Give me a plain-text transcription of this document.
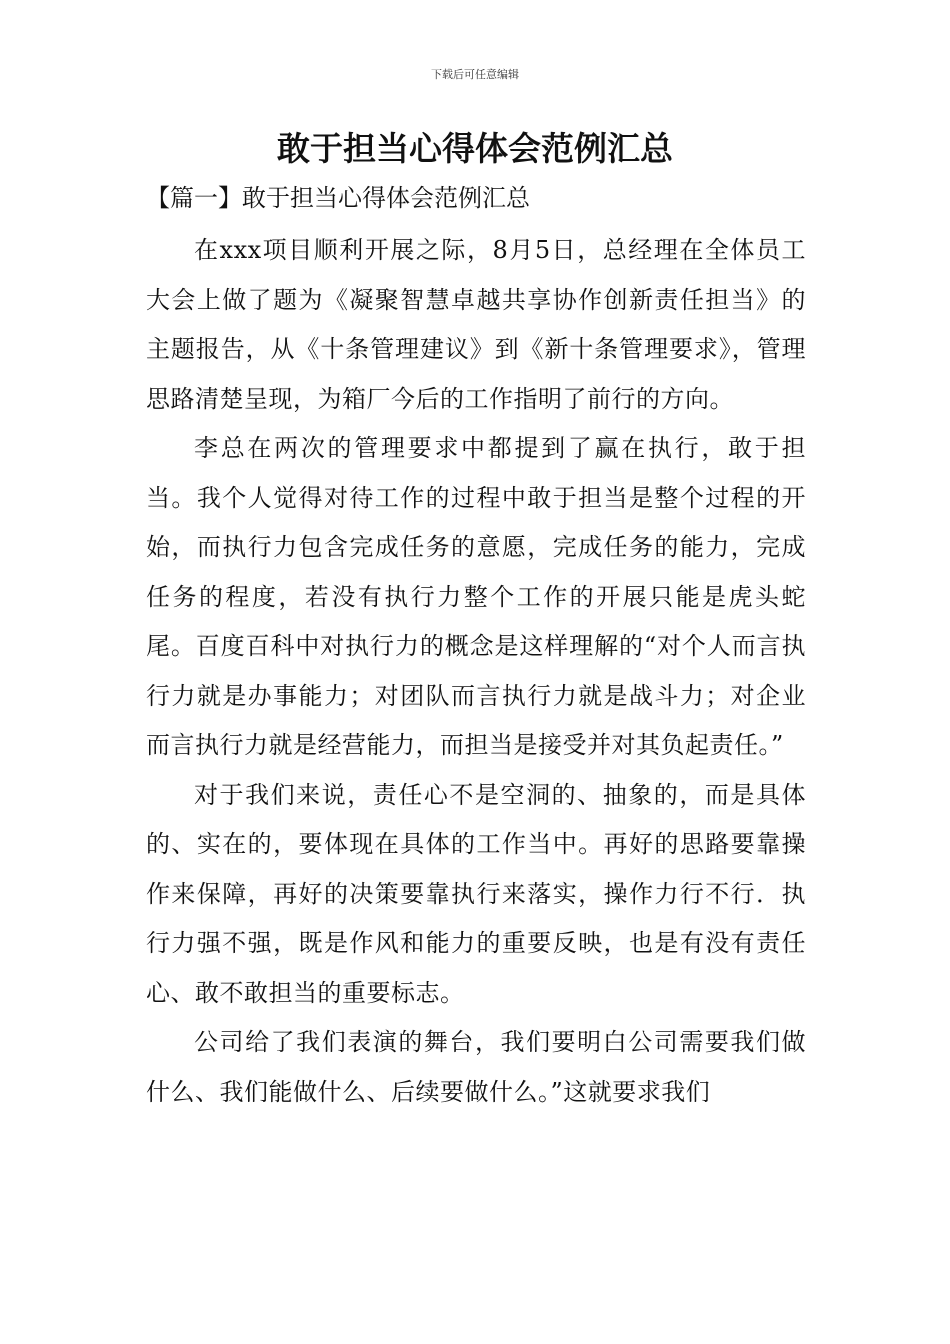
下载后可任意编辑
敢于担当心得体会范例汇总
【篇一】敢于担当心得体会范例汇总

在xxx项目顺利开展之际，8月5日，总经理在全体员工大会上做了题为《凝聚智慧卓越共享协作创新责任担当》的主题报告，从《十条管理建议》到《新十条管理要求》，管理思路清楚呈现，为箱厂今后的工作指明了前行的方向。

李总在两次的管理要求中都提到了赢在执行，敢于担当。我个人觉得对待工作的过程中敢于担当是整个过程的开始，而执行力包含完成任务的意愿，完成任务的能力，完成任务的程度，若没有执行力整个工作的开展只能是虎头蛇尾。百度百科中对执行力的概念是这样理解的“对个人而言执行力就是办事能力；对团队而言执行力就是战斗力；对企业而言执行力就是经营能力，而担当是接受并对其负起责任。”

对于我们来说，责任心不是空洞的、抽象的，而是具体的、实在的，要体现在具体的工作当中。再好的思路要靠操作来保障，再好的决策要靠执行来落实，操作力行不行．执行力强不强，既是作风和能力的重要反映，也是有没有责任心、敢不敢担当的重要标志。

公司给了我们表演的舞台，我们要明白公司需要我们做什么、我们能做什么、后续要做什么。”这就要求我们
